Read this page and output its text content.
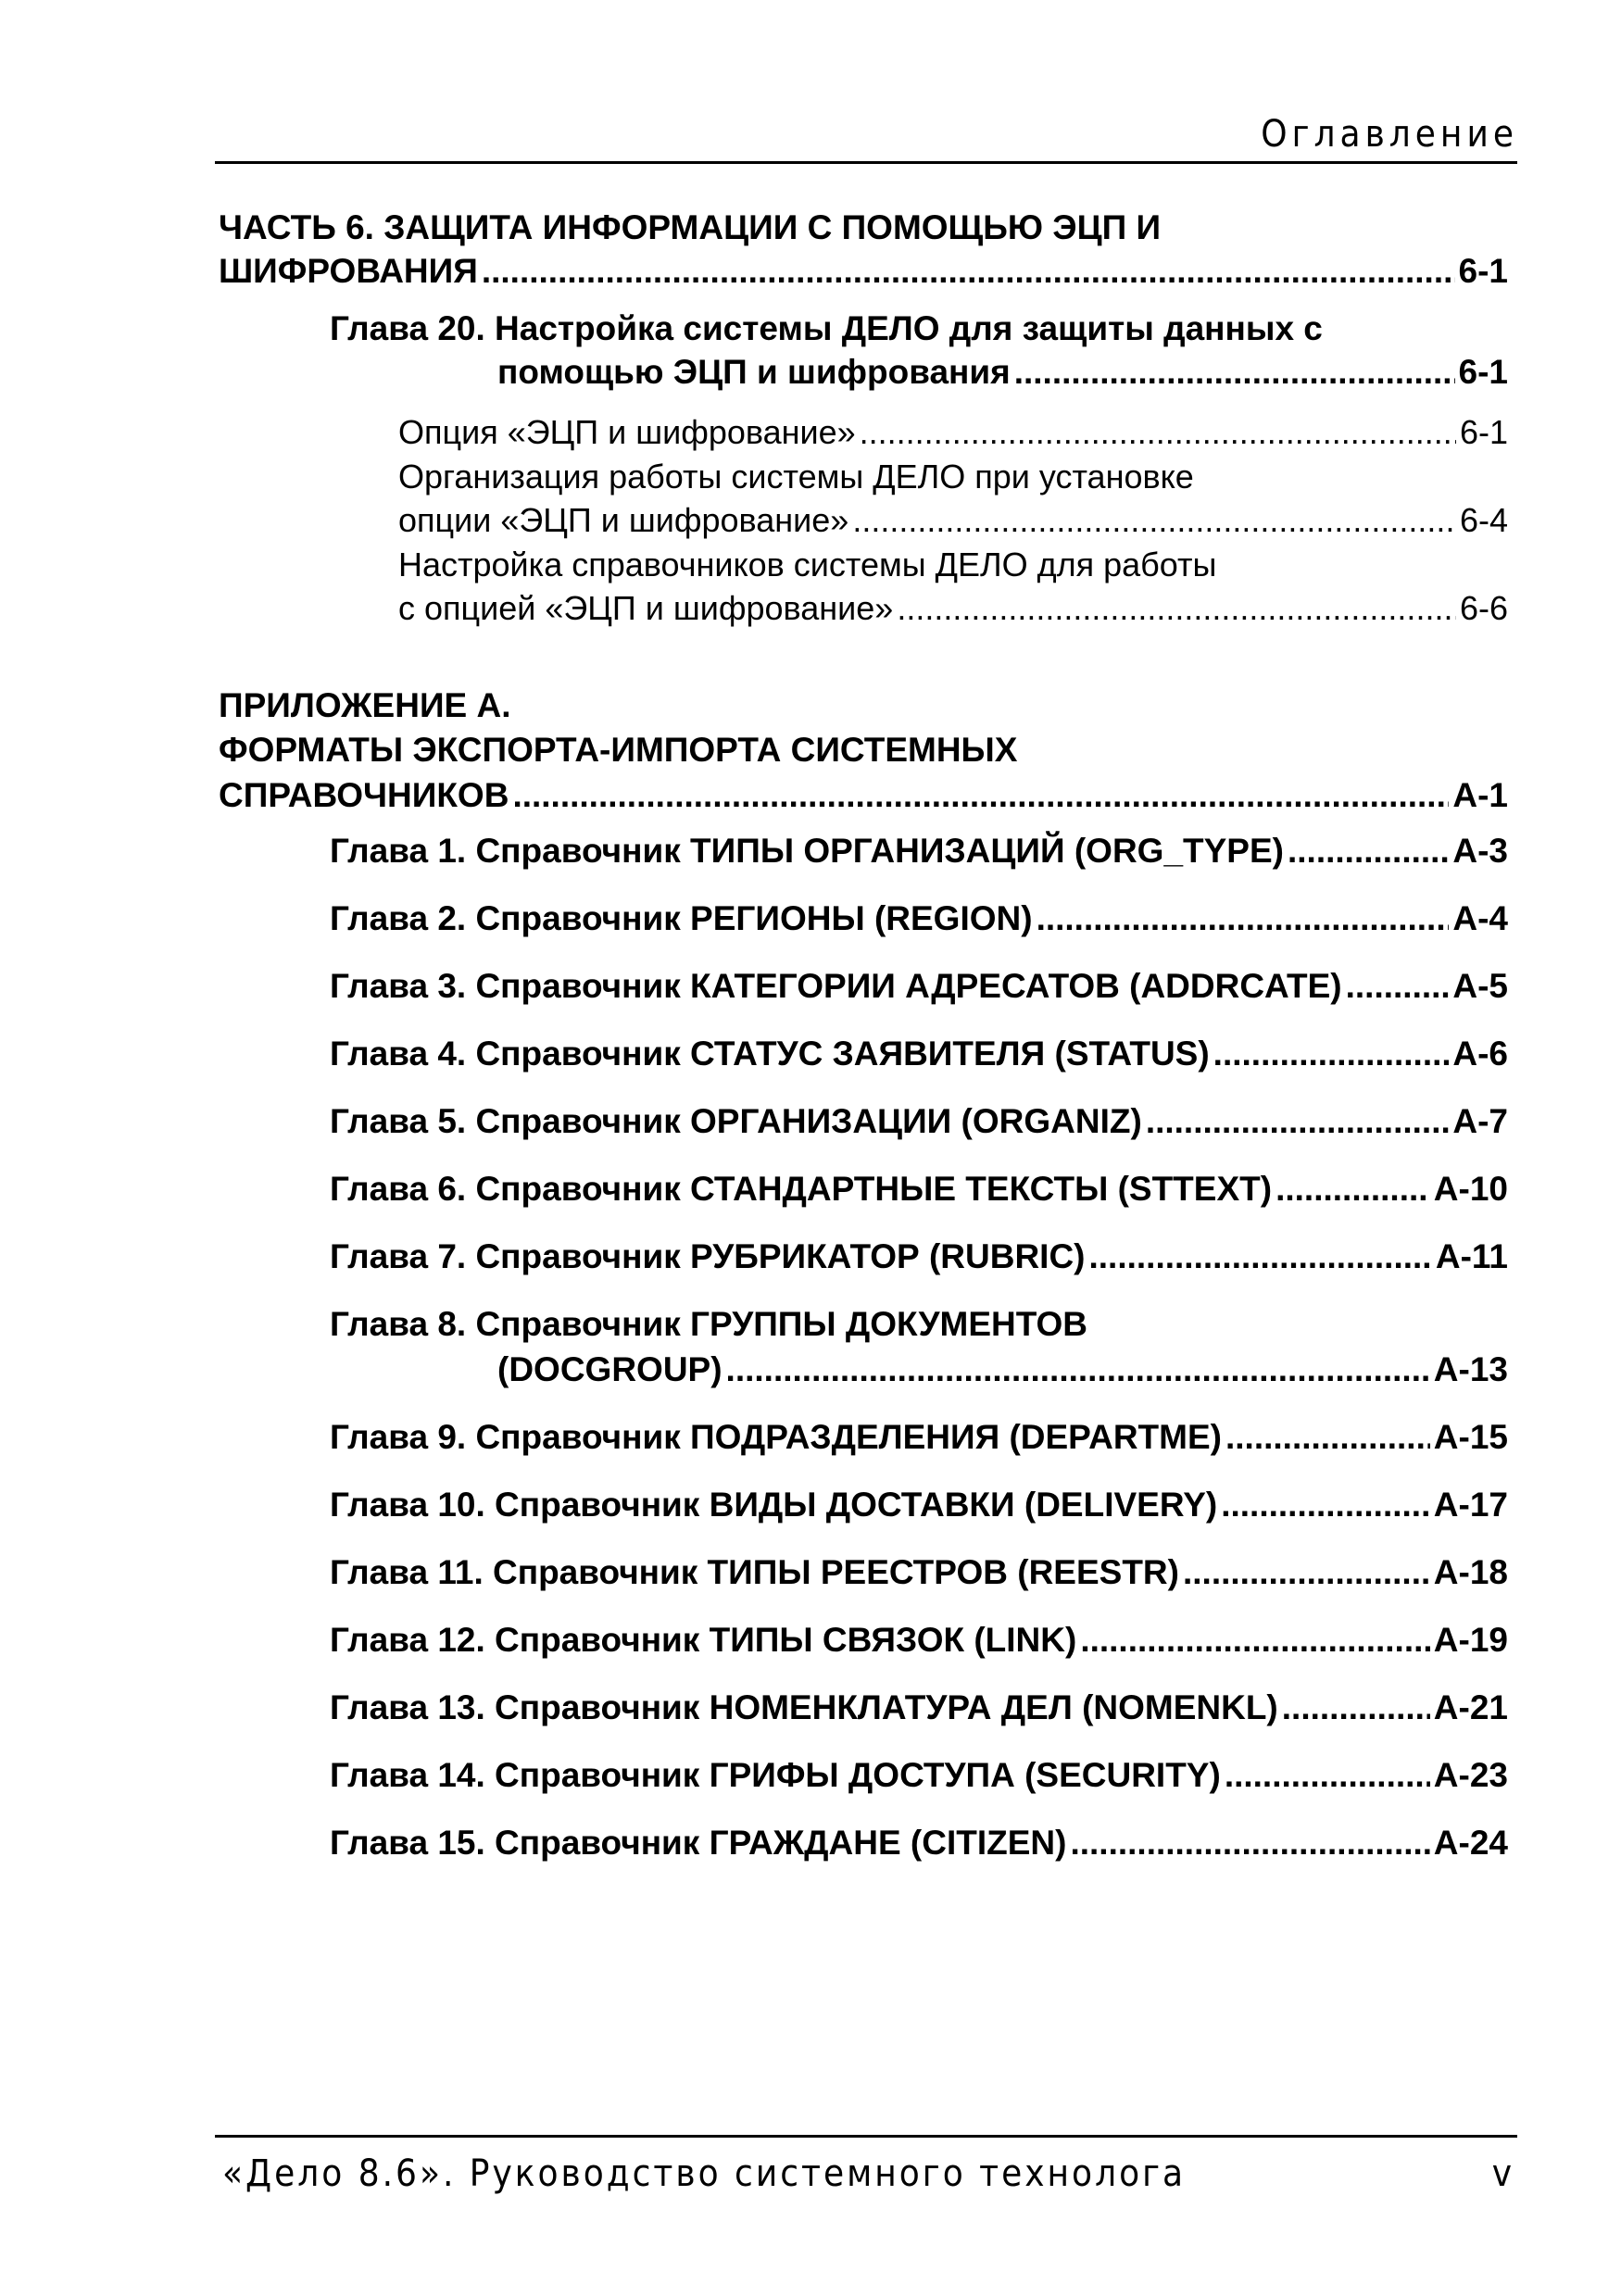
Оглавление
ЧАСТЬ 6. ЗАЩИТА ИНФОРМАЦИИ С ПОМОЩЬЮ ЭЦП И
ШИФРОВАНИЯ .....	6-1
Глава 20. Настройка системы ДЕЛО для защиты данных с
помощью ЭЦП и шифрования .....	6-1
Опция «ЭЦП и шифрование» .....	6-1
Организация работы системы ДЕЛО при установке
опции «ЭЦП и шифрование» .....	6-4
Настройка справочников системы ДЕЛО для работы
с опцией «ЭЦП и шифрование» .....	6-6
ПРИЛОЖЕНИЕ А.
ФОРМАТЫ ЭКСПОРТА-ИМПОРТА СИСТЕМНЫХ
СПРАВОЧНИКОВ .....	А-1
Глава 1. Справочник ТИПЫ ОРГАНИЗАЦИЙ (ORG_TYPE) .....	А-3
Глава 2. Справочник РЕГИОНЫ (REGION) .....	А-4
Глава 3. Справочник КАТЕГОРИИ АДРЕСАТОВ (ADDRCATE) .....	А-5
Глава 4. Справочник СТАТУС ЗАЯВИТЕЛЯ (STATUS) .....	А-6
Глава 5. Справочник ОРГАНИЗАЦИИ (ORGANIZ) .....	А-7
Глава 6. Справочник СТАНДАРТНЫЕ ТЕКСТЫ (STTEXT) .....	А-10
Глава 7. Справочник РУБРИКАТОР (RUBRIC) .....	А-11
Глава 8. Справочник ГРУППЫ ДОКУМЕНТОВ
(DOCGROUP) .....	А-13
Глава 9. Справочник ПОДРАЗДЕЛЕНИЯ (DEPARTME) .....	А-15
Глава 10. Справочник ВИДЫ ДОСТАВКИ (DELIVERY) .....	А-17
Глава 11. Справочник ТИПЫ РЕЕСТРОВ (REESTR) .....	А-18
Глава 12. Справочник ТИПЫ СВЯЗОК (LINK) .....	А-19
Глава 13. Справочник НОМЕНКЛАТУРА ДЕЛ (NOMENKL) .....	А-21
Глава 14. Справочник ГРИФЫ ДОСТУПА (SECURITY) .....	А-23
Глава 15. Справочник ГРАЖДАНЕ (CITIZEN) .....	А-24
«Дело 8.6». Руководство системного технолога	v
